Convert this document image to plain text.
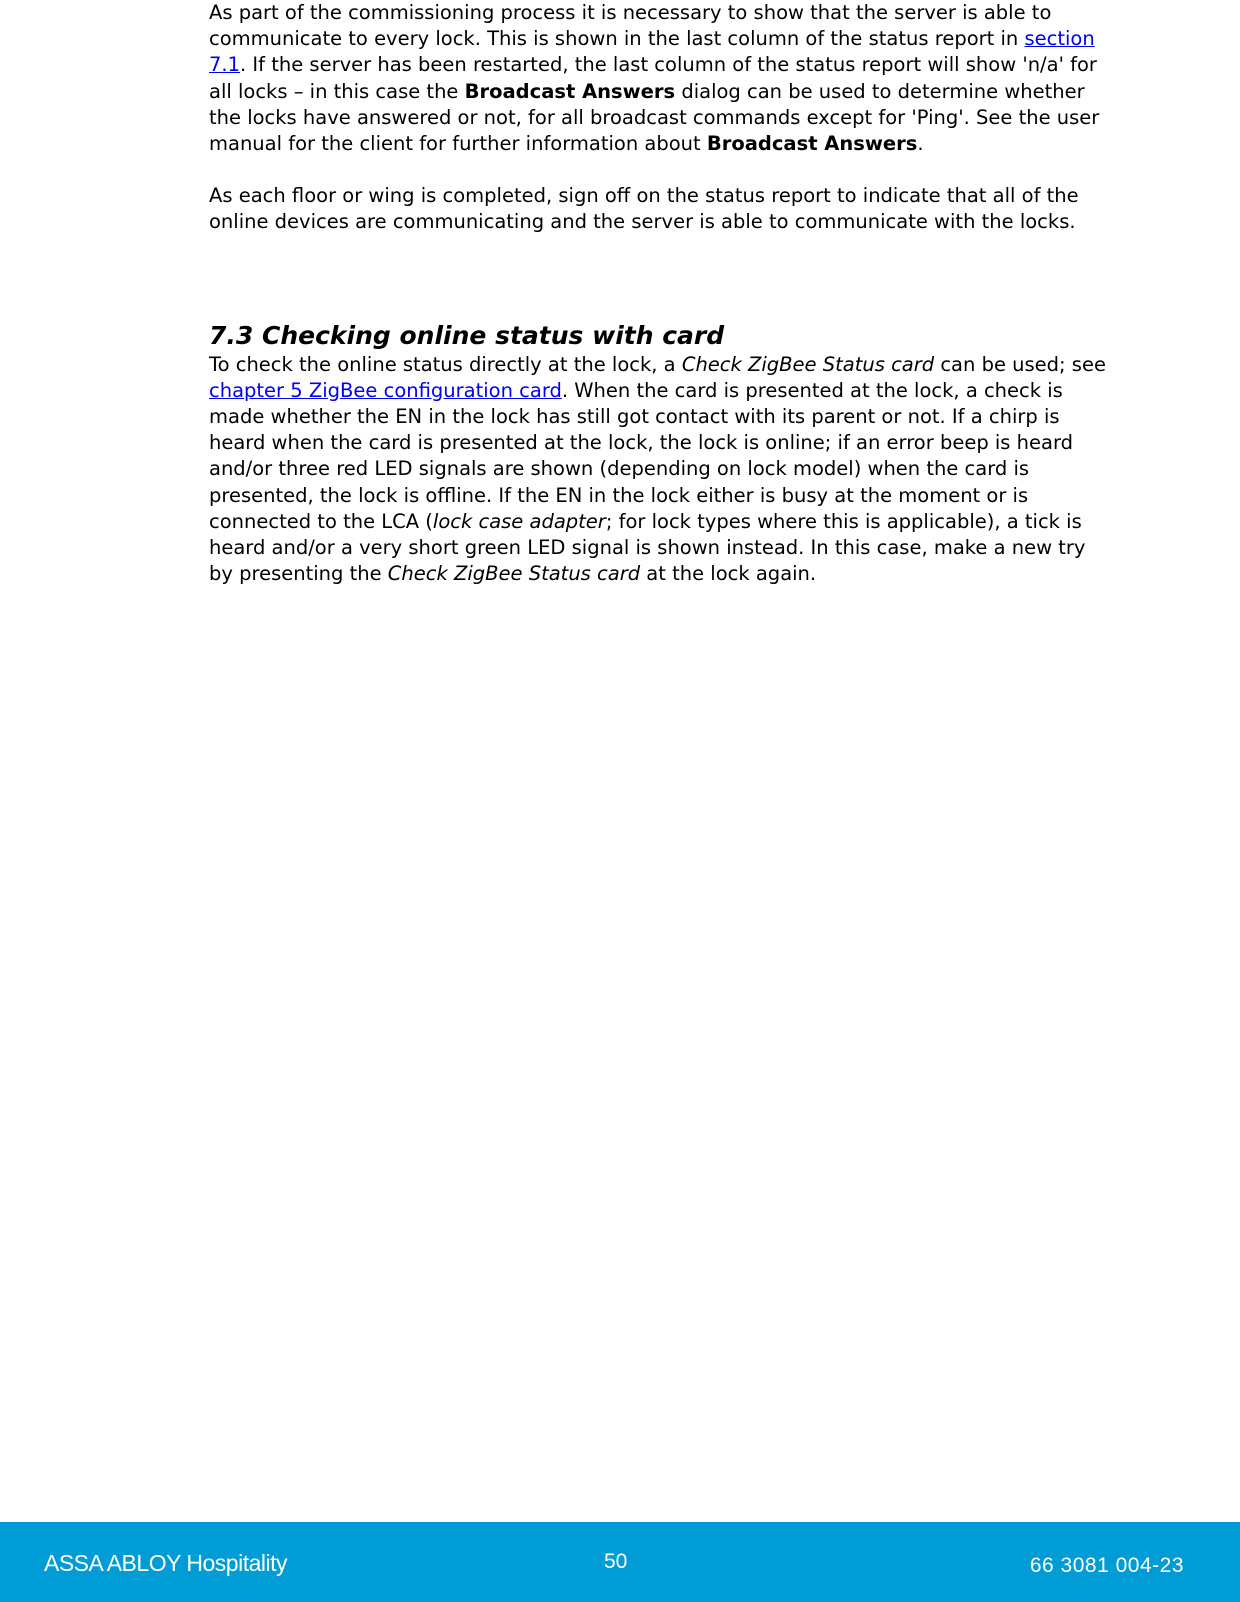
As part of the commissioning process it is necessary to show that the server is able to communicate to every lock. This is shown in the last column of the status report in section 7.1. If the server has been restarted, the last column of the status report will show 'n/a' for all locks – in this case the Broadcast Answers dialog can be used to determine whether the locks have answered or not, for all broadcast commands except for 'Ping'. See the user manual for the client for further information about Broadcast Answers.

As each floor or wing is completed, sign off on the status report to indicate that all of the online devices are communicating and the server is able to communicate with the locks.

7.3 Checking online status with card

To check the online status directly at the lock, a Check ZigBee Status card can be used; see chapter 5 ZigBee configuration card. When the card is presented at the lock, a check is made whether the EN in the lock has still got contact with its parent or not. If a chirp is heard when the card is presented at the lock, the lock is online; if an error beep is heard and/or three red LED signals are shown (depending on lock model) when the card is presented, the lock is offline. If the EN in the lock either is busy at the moment or is connected to the LCA (lock case adapter; for lock types where this is applicable), a tick is heard and/or a very short green LED signal is shown instead. In this case, make a new try by presenting the Check ZigBee Status card at the lock again.

ASSA ABLOY Hospitality	50	66 3081 004-23
